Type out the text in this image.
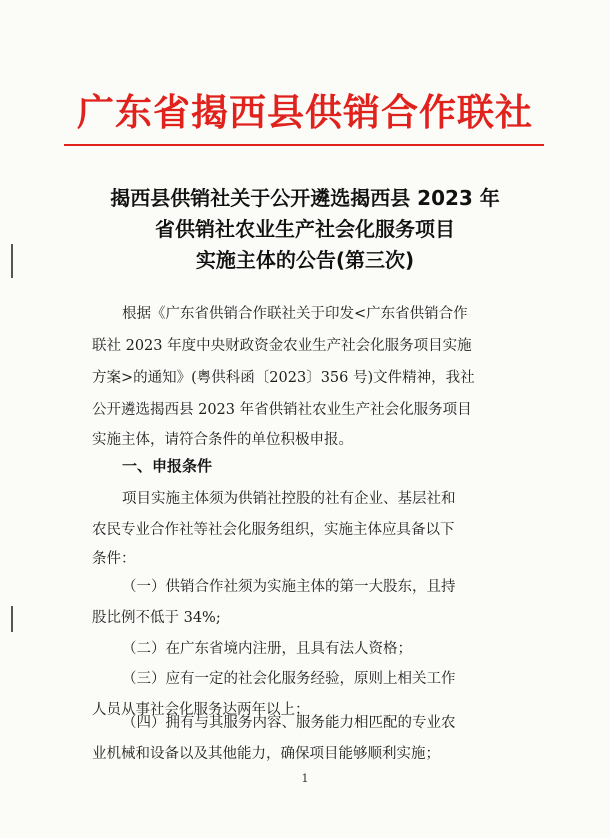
广东省揭西县供销合作联社
揭西县供销社关于公开遴选揭西县 2023 年
省供销社农业生产社会化服务项目
实施主体的公告(第三次)
根据《广东省供销合作联社关于印发<广东省供销合作
联社 2023 年度中央财政资金农业生产社会化服务项目实施
方案>的通知》(粤供科函〔2023〕356 号)文件精神，我社
公开遴选揭西县 2023 年省供销社农业生产社会化服务项目
实施主体，请符合条件的单位积极申报。
一、申报条件
项目实施主体须为供销社控股的社有企业、基层社和
农民专业合作社等社会化服务组织，实施主体应具备以下
条件：
（一）供销合作社须为实施主体的第一大股东，且持
股比例不低于 34%;
（二）在广东省境内注册，且具有法人资格；
（三）应有一定的社会化服务经验，原则上相关工作
人员从事社会化服务达两年以上；
（四）拥有与其服务内容、服务能力相匹配的专业农
业机械和设备以及其他能力，确保项目能够顺利实施；
1
